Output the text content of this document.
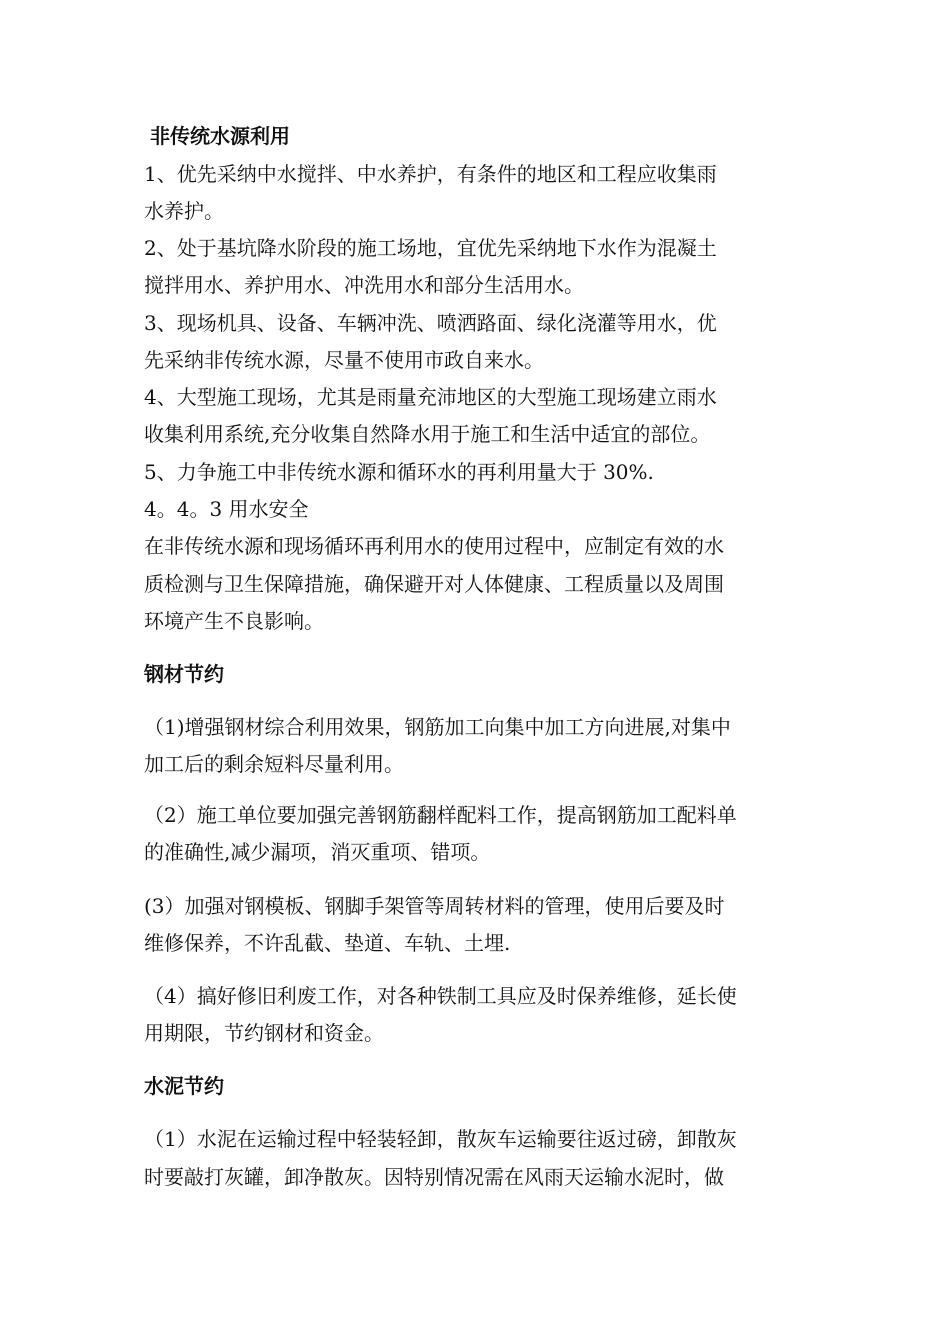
非传统水源利用
1、优先采纳中水搅拌、中水养护，有条件的地区和工程应收集雨
水养护。
2、处于基坑降水阶段的施工场地，宜优先采纳地下水作为混凝土
搅拌用水、养护用水、冲洗用水和部分生活用水。
3、现场机具、设备、车辆冲洗、喷洒路面、绿化浇灌等用水，优
先采纳非传统水源，尽量不使用市政自来水。
4、大型施工现场，尤其是雨量充沛地区的大型施工现场建立雨水
收集利用系统,充分收集自然降水用于施工和生活中适宜的部位。
5、力争施工中非传统水源和循环水的再利用量大于 30%.
4。4。3 用水安全
在非传统水源和现场循环再利用水的使用过程中，应制定有效的水
质检测与卫生保障措施，确保避开对人体健康、工程质量以及周围
环境产生不良影响。
钢材节约
（1)增强钢材综合利用效果，钢筋加工向集中加工方向进展,对集中
加工后的剩余短料尽量利用。
（2）施工单位要加强完善钢筋翻样配料工作，提高钢筋加工配料单
的准确性,减少漏项，消灭重项、错项。
(3）加强对钢模板、钢脚手架管等周转材料的管理，使用后要及时
维修保养，不许乱截、垫道、车轨、土埋.
（4）搞好修旧利废工作，对各种铁制工具应及时保养维修，延长使
用期限，节约钢材和资金。
水泥节约
（1）水泥在运输过程中轻装轻卸，散灰车运输要往返过磅，卸散灰
时要敲打灰罐，卸净散灰。因特别情况需在风雨天运输水泥时，做
